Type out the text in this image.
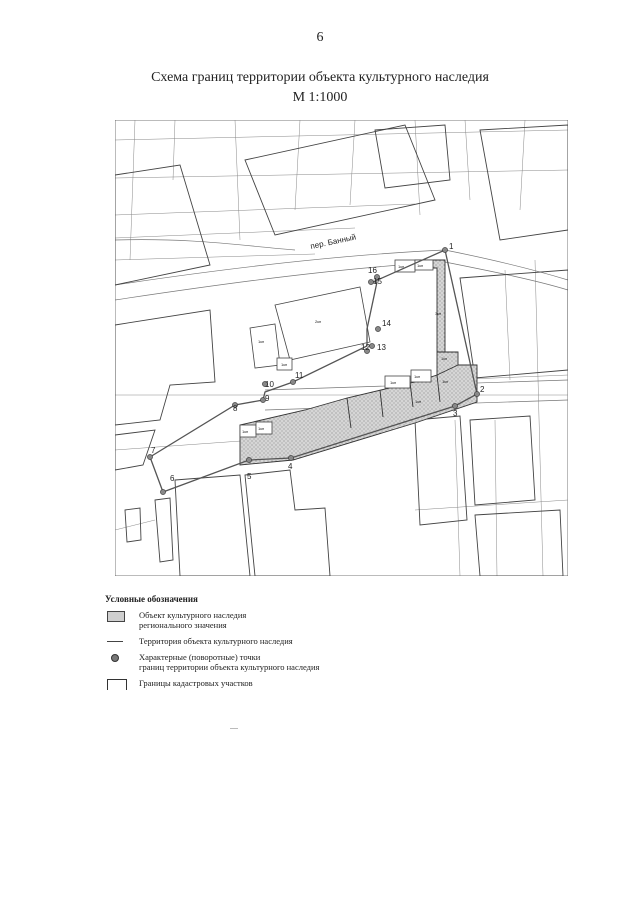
6
Схема границ территории объекта культурного наследия
М 1:1000
пер. Банный	1
2
3
4
5
6
7
8
9
10
11
12 13
14
15
16
2кн
1кн
1кн
1кн	1кн
1кн
1кн
1кн
1кн
1кн
3кн
1кн
1кн
Условные обозначения
Объект культурного наследия
регионального значения
Территория объекта культурного наследия
Характерные (поворотные) точки
границ территории объекта культурного наследия
Границы кадастровых участков
